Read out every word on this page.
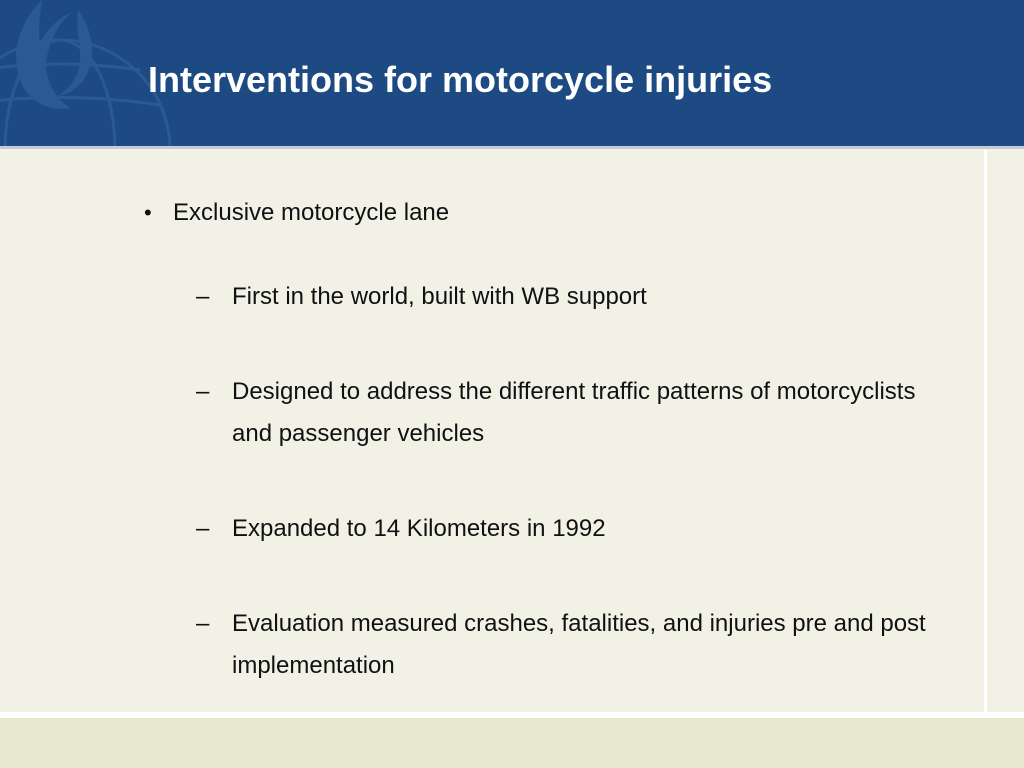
Interventions for motorcycle injuries
• Exclusive motorcycle lane
– First in the world, built with WB support
– Designed to address the different traffic patterns of motorcyclists and passenger vehicles
– Expanded to 14 Kilometers in 1992
– Evaluation measured crashes, fatalities, and injuries pre and post implementation
